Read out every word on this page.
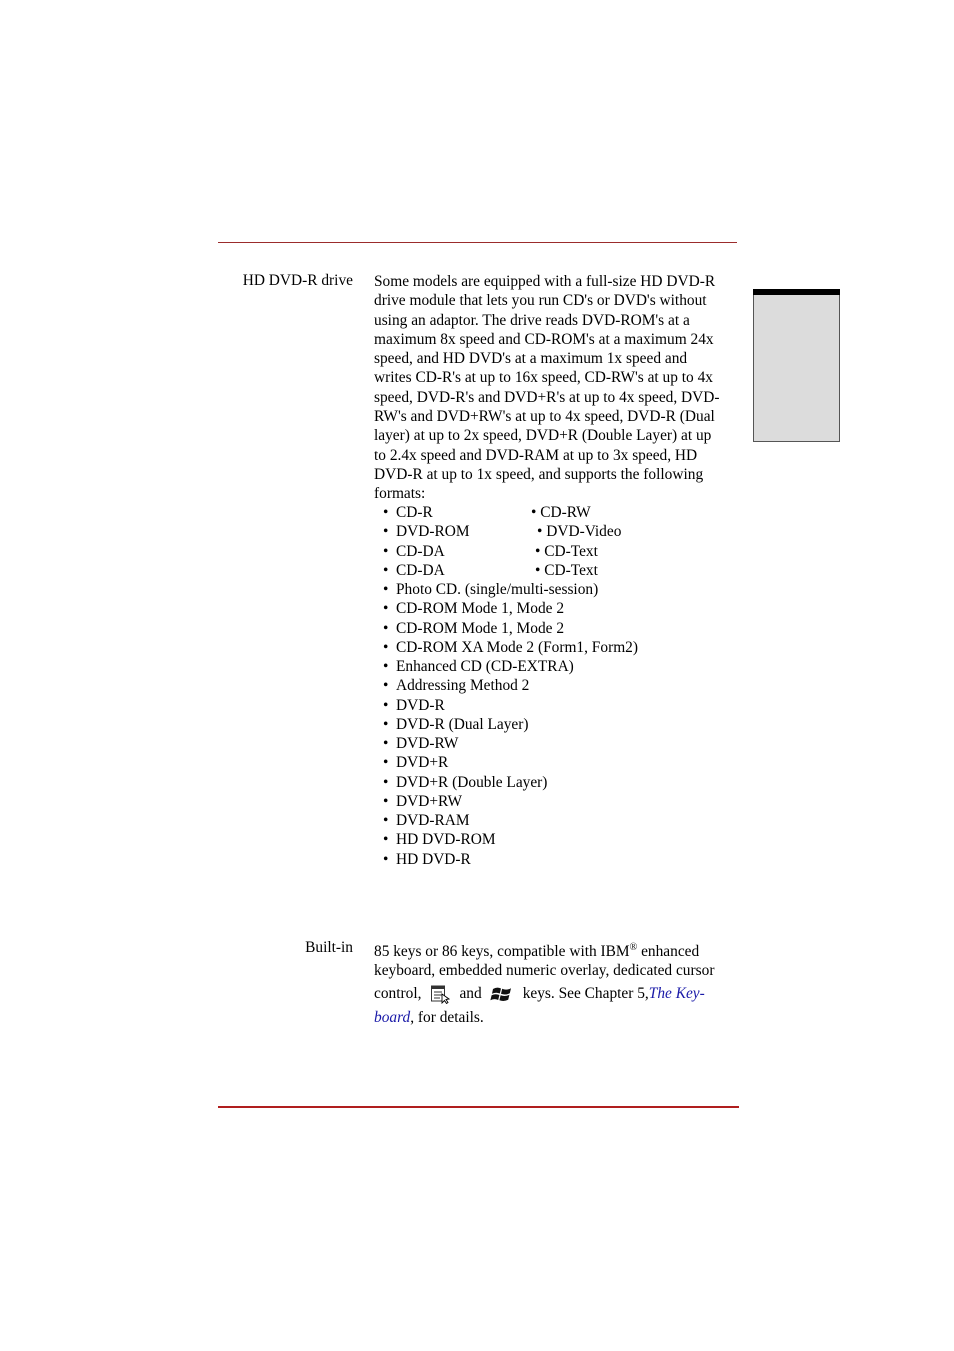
HD DVD-R drive Some models are equipped with a full-size HD DVD-R
drive module that lets you run CD's or DVD's without
using an adaptor. The drive reads DVD-ROM's at a
maximum 8x speed and CD-ROM's at a maximum 24x
speed, and HD DVD's at a maximum 1x speed and
writes CD-R's at up to 16x speed, CD-RW's at up to 4x
speed, DVD-R's and DVD+R's at up to 4x speed, DVD-
RW's and DVD+RW's at up to 4x speed, DVD-R (Dual
layer) at up to 2x speed, DVD+R (Double Layer) at up
to 2.4x speed and DVD-RAM at up to 3x speed, HD
DVD-R at up to 1x speed, and supports the following
formats:
• CD-R	• CD-RW
• DVD-ROM	• DVD-Video
• CD-DA	• CD-Text
• CD-DA	• CD-Text
• Photo CD. (single/multi-session)
• CD-ROM Mode 1, Mode 2
• CD-ROM Mode 1, Mode 2
• CD-ROM XA Mode 2 (Form1, Form2)
• Enhanced CD (CD-EXTRA)
• Addressing Method 2
• DVD-R
• DVD-R (Dual Layer)
• DVD-RW
• DVD+R
• DVD+R (Double Layer)
• DVD+RW
• DVD-RAM
• HD DVD-ROM
• HD DVD-R
Built-in 85 keys or 86 keys, compatible with IBM® enhanced
keyboard, embedded numeric overlay, dedicated cursor
control, and	keys. See Chapter 5, The Key-
board, for details.
